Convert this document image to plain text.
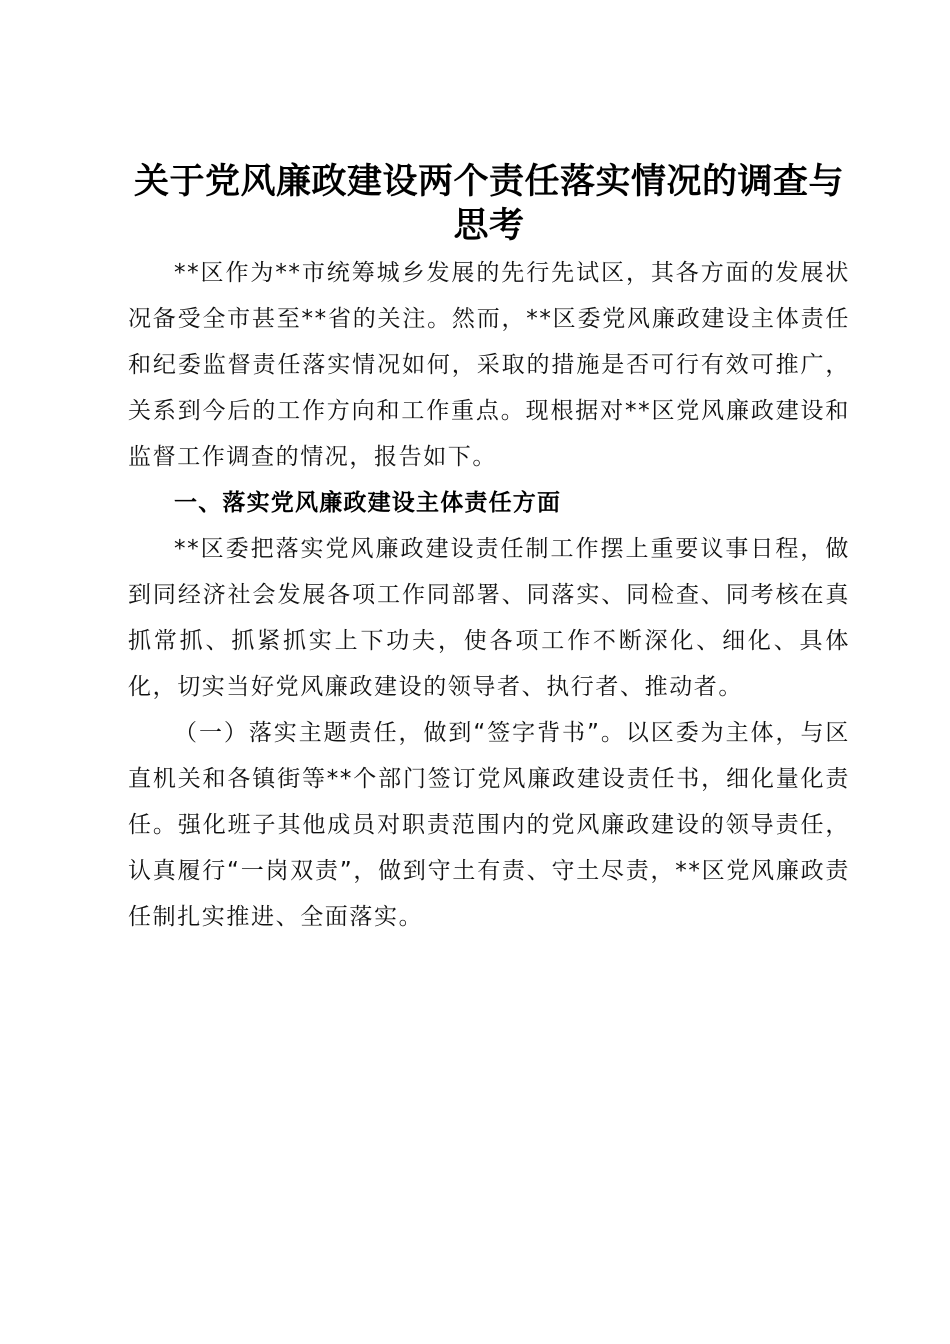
关于党风廉政建设两个责任落实情况的调查与思考

**区作为**市统筹城乡发展的先行先试区，其各方面的发展状况备受全市甚至**省的关注。然而，**区委党风廉政建设主体责任和纪委监督责任落实情况如何，采取的措施是否可行有效可推广，关系到今后的工作方向和工作重点。现根据对**区党风廉政建设和监督工作调查的情况，报告如下。

一、落实党风廉政建设主体责任方面

**区委把落实党风廉政建设责任制工作摆上重要议事日程，做到同经济社会发展各项工作同部署、同落实、同检查、同考核在真抓常抓、抓紧抓实上下功夫，使各项工作不断深化、细化、具体化，切实当好党风廉政建设的领导者、执行者、推动者。

（一）落实主题责任，做到“签字背书”。以区委为主体，与区直机关和各镇街等**个部门签订党风廉政建设责任书，细化量化责任。强化班子其他成员对职责范围内的党风廉政建设的领导责任，认真履行“一岗双责”，做到守土有责、守土尽责，**区党风廉政责任制扎实推进、全面落实。
